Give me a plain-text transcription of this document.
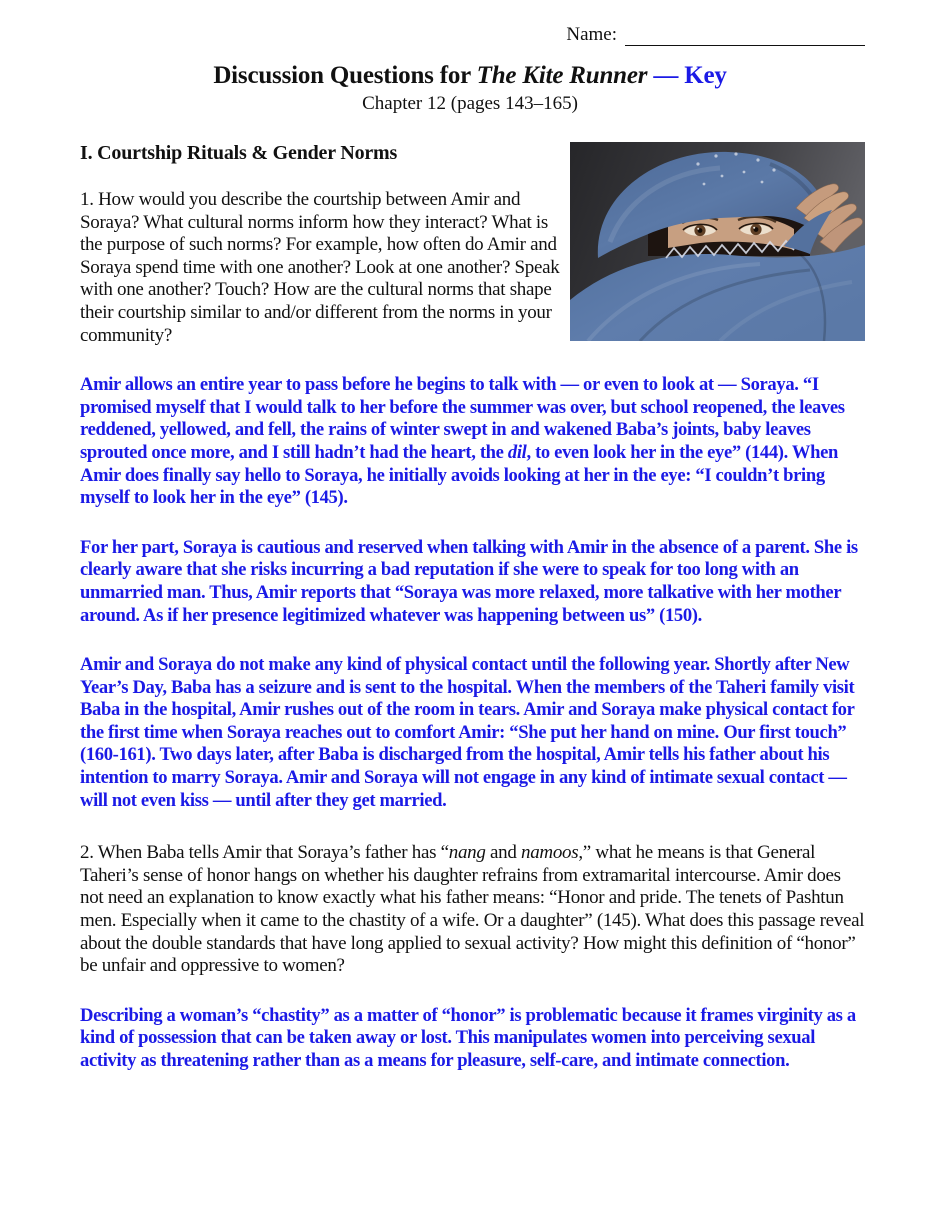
Name:
Discussion Questions for The Kite Runner — Key
Chapter 12 (pages 143–165)
I. Courtship Rituals & Gender Norms

1. How would you describe the courtship between Amir and Soraya? What cultural norms inform how they interact? What is the purpose of such norms? For example, how often do Amir and Soraya spend time with one another? Look at one another? Speak with one another? Touch? How are the cultural norms that shape their courtship similar to and/or different from the norms in your community?

Amir allows an entire year to pass before he begins to talk with — or even to look at — Soraya. “I promised myself that I would talk to her before the summer was over, but school reopened, the leaves reddened, yellowed, and fell, the rains of winter swept in and wakened Baba’s joints, baby leaves sprouted once more, and I still hadn’t had the heart, the dil, to even look her in the eye” (144). When Amir does finally say hello to Soraya, he initially avoids looking at her in the eye: “I couldn’t bring myself to look her in the eye” (145).

For her part, Soraya is cautious and reserved when talking with Amir in the absence of a parent. She is clearly aware that she risks incurring a bad reputation if she were to speak for too long with an unmarried man. Thus, Amir reports that “Soraya was more relaxed, more talkative with her mother around. As if her presence legitimized whatever was happening between us” (150).

Amir and Soraya do not make any kind of physical contact until the following year. Shortly after New Year’s Day, Baba has a seizure and is sent to the hospital. When the members of the Taheri family visit Baba in the hospital, Amir rushes out of the room in tears. Amir and Soraya make physical contact for the first time when Soraya reaches out to comfort Amir: “She put her hand on mine. Our first touch” (160-161). Two days later, after Baba is discharged from the hospital, Amir tells his father about his intention to marry Soraya. Amir and Soraya will not engage in any kind of intimate sexual contact — will not even kiss — until after they get married.

2. When Baba tells Amir that Soraya’s father has “nang and namoos,” what he means is that General Taheri’s sense of honor hangs on whether his daughter refrains from extramarital intercourse. Amir does not need an explanation to know exactly what his father means: “Honor and pride. The tenets of Pashtun men. Especially when it came to the chastity of a wife. Or a daughter” (145). What does this passage reveal about the double standards that have long applied to sexual activity? How might this definition of “honor” be unfair and oppressive to women?

Describing a woman’s “chastity” as a matter of “honor” is problematic because it frames virginity as a kind of possession that can be taken away or lost. This manipulates women into perceiving sexual activity as threatening rather than as a means for pleasure, self-care, and intimate connection.
